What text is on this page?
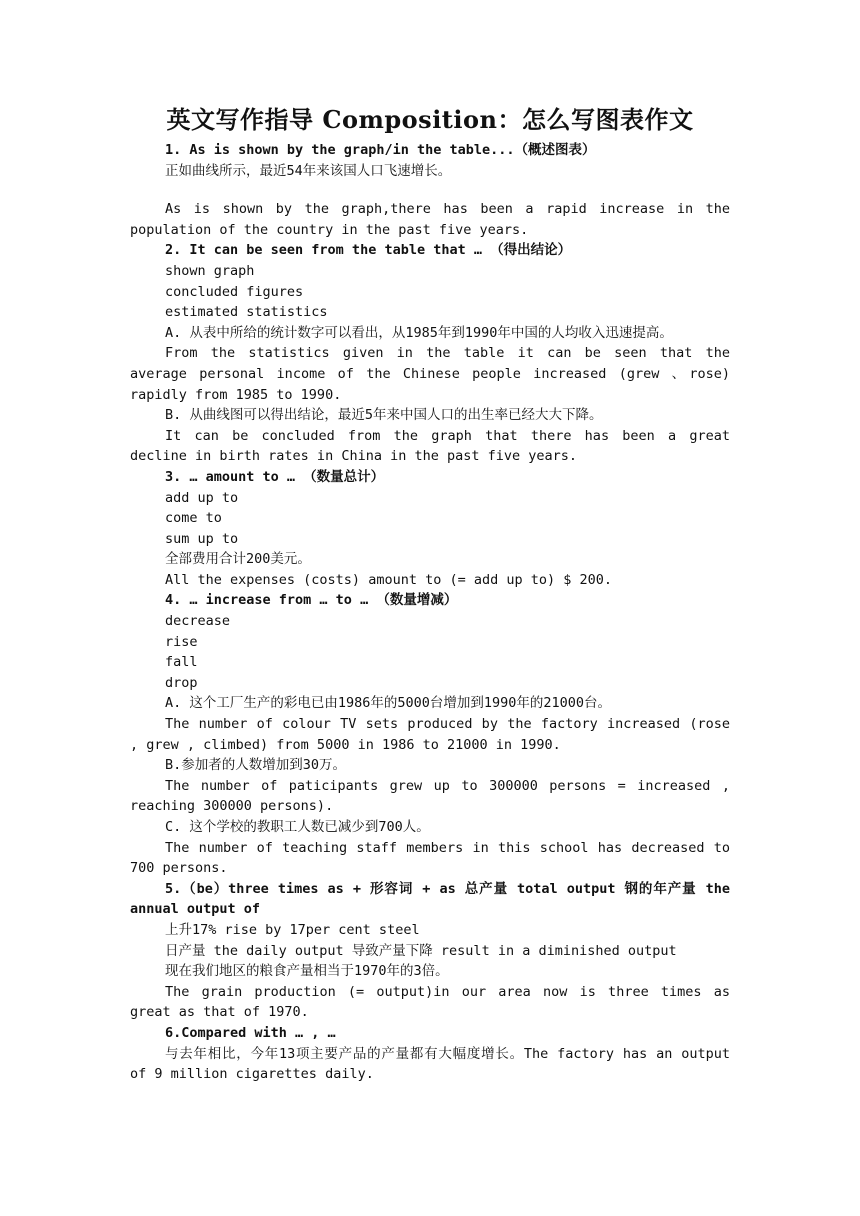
英文写作指导 Composition：怎么写图表作文
1. As is shown by the graph/in the table...（概述图表）
正如曲线所示，最近54年来该国人口飞速增长。
As is shown by the graph,there has been a rapid increase in the population of the country in the past five years.
2. It can be seen from the table that … （得出结论）
shown graph
concluded figures
estimated statistics
A. 从表中所给的统计数字可以看出，从1985年到1990年中国的人均收入迅速提高。
From the statistics given in the table it can be seen that the average personal income of the Chinese people increased (grew 、rose) rapidly from 1985 to 1990.
B. 从曲线图可以得出结论，最近5年来中国人口的出生率已经大大下降。
It can be concluded from the graph that there has been a great decline in birth rates in China in the past five years.
3. … amount to … （数量总计）
add up to
come to
sum up to
全部费用合计200美元。
All the expenses (costs) amount to (= add up to) $ 200.
4. … increase from … to … （数量增减）
decrease
rise
fall
drop
A. 这个工厂生产的彩电已由1986年的5000台增加到1990年的21000台。
The number of colour TV sets produced by the factory increased (rose , grew , climbed) from 5000 in 1986 to 21000 in 1990.
B.参加者的人数增加到30万。
The number of paticipants grew up to 300000 persons = increased , reaching 300000 persons).
C. 这个学校的教职工人数已减少到700人。
The number of teaching staff members in this school has decreased to 700 persons.
5.（be）three times as + 形容词 + as 总产量 total output 钢的年产量 the annual output of
上升17% rise by 17per cent steel
日产量 the daily output 导致产量下降 result in a diminished output
现在我们地区的粮食产量相当于1970年的3倍。
The grain production (= output)in our area now is three times as great as that of 1970.
6.Compared with … , …
与去年相比，今年13项主要产品的产量都有大幅度增长。The factory has an output of 9 million cigarettes daily.
